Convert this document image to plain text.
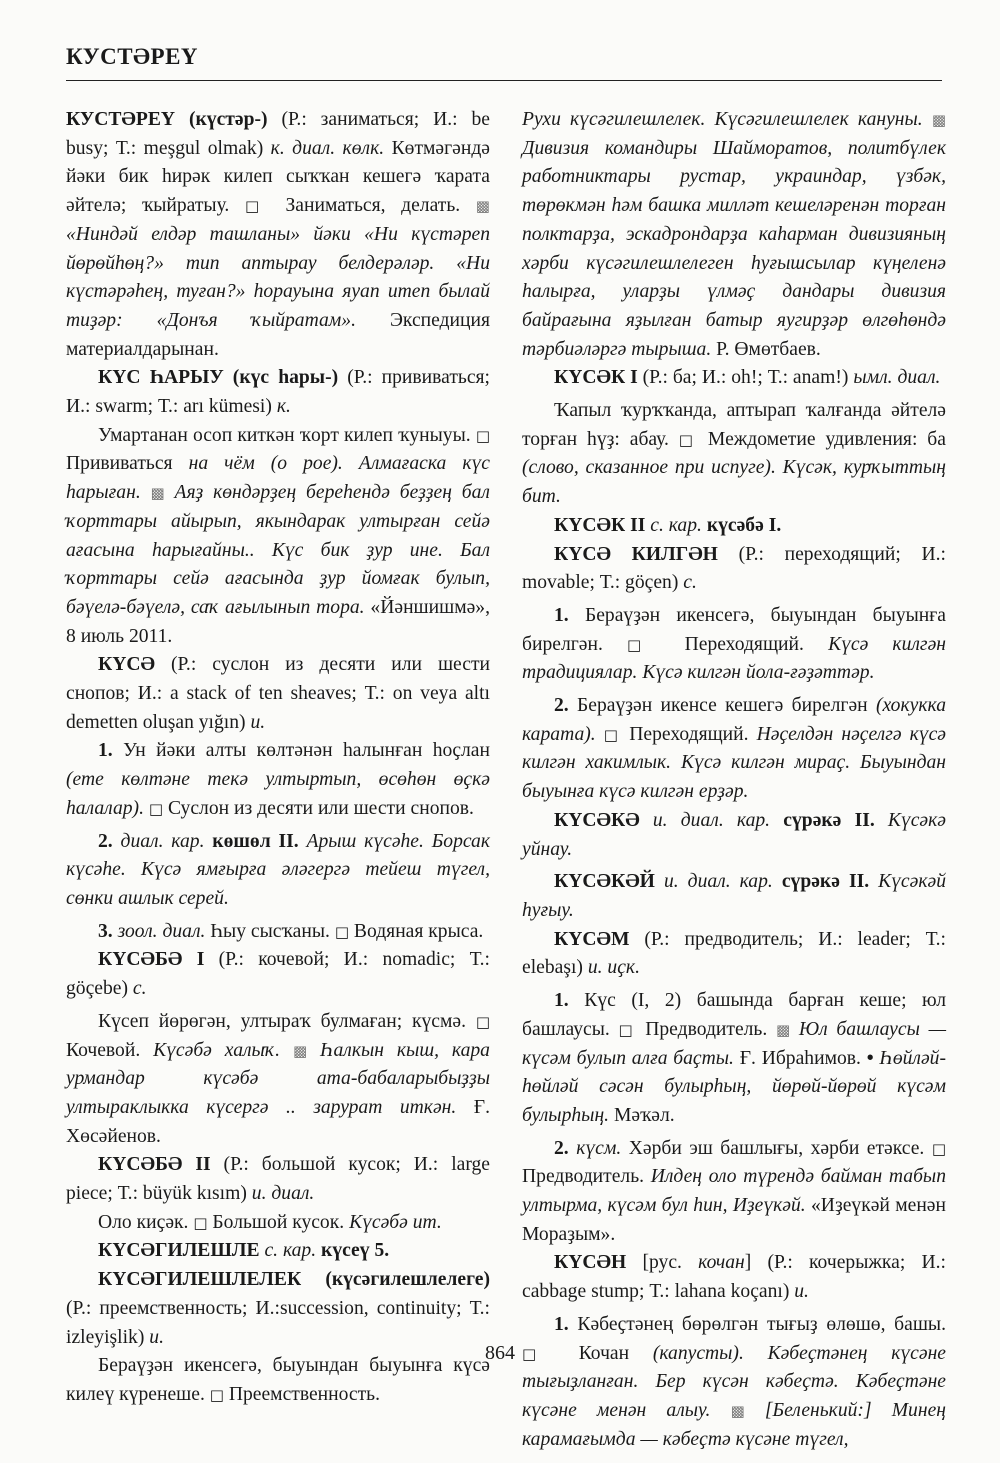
КУСТӘРЕҮ

КУСТӘРЕҮ (күстәр-) (Р.: заниматься; И.: be busy; Т.: meşgul olmak) к. диал. көлк. Көтмәгәндә йәки бик һирәк килеп сыҡҡан кешегә ҡарата әйтелә; ҡыйратыу. □ Заниматься, делать. ▩ «Ниндәй елдәр ташланы» йәки «Ни күстәреп йөрөйһөң?» тип аптырау белдерәләр. «Ни күстәрәһең, туған?» һорауына яуап итеп былай тиҙәр: «Донъя ҡыйратам». Экспедиция материалдарынан.

КҮС ҺАРЫУ (күс һары-) (Р.: прививаться; И.: swarm; Т.: arı kümesi) к.

Умартанан осоп киткән ҡорт килеп ҡуныуы. □ Прививаться на чём (о рое). Алмағаска күс һарыған. ▩ Аяҙ көндәрҙең береһендә беҙҙең бал ҡорттары айырып, якындарак ултырған сейә ағасына һарығайны.. Күс бик ҙур ине. Бал ҡорттары сейә ағасында ҙур йомғак булып, бәүелә-бәүелә, саҡ ағылынып тора. «Йәншишмә», 8 июль 2011.

КҮСӘ (Р.: суслон из десяти или шести снопов; И.: a stack of ten sheaves; Т.: on veya altı demetten oluşan yığın) и.

1. Ун йәки алты көлтәнән һалынған һоҫлан (ете көлтәне текә ултыртып, өсөһөн өҫкә һалалар). □ Суслон из десяти или шести снопов.

2. диал. кар. көшөл II. Арыш күсәһе. Борсак күсәһе. Күсә ямғырға әләгергә тейеш түгел, сөнки ашлык серей.

3. зоол. диал. Һыу сысҡаны. □ Водяная крыса.

КҮСӘБӘ I (Р.: кочевой; И.: nomadic; Т.: göçebe) с.

Күсеп йөрөгән, ултыраҡ булмаған; күсмә. □ Кочевой. Күсәбә халыҡ. ▩ Һалкын кыш, кара урмандар күсәбә ата-бабаларыбыҙҙы ултыраклыкка күсергә .. зарурат иткән. Ғ. Хөсәйенов.

КҮСӘБӘ II (Р.: большой кусок; И.: large piece; Т.: büyük kısım) и. диал.

Оло киҫәк. □ Большой кусок. Күсәбә ит.

КҮСӘГИЛЕШЛЕ с. кар. күсеү 5.

КҮСӘГИЛЕШЛЕЛЕК (күсәгилешлелеге) (Р.: преемственность; И.:succession, continuity; Т.: izleyişlik) и.

Бераүҙән икенсегә, быуындан быуынға күсә килеү күренеше. □ Преемственность.

Рухи күсәгилешлелек. Күсәгилешлелек кануны. ▩ Дивизия командиры Шайморатов, политбүлек работниктары рустар, украиндар, үзбәк, төрөкмән һәм башка милләт кешеләренән торған полктарҙа, эскадрондарҙа каһарман дивизияның хәрби күсәгилешлелеген һуғышсылар күңеленә һалырға, уларҙы үлмәҫ дандары дивизия байрағына яҙылған батыр яугирҙәр өлгөһөндә тәрбиәләргә тырыша. Р. Өмөтбаев.

КҮСӘК I (Р.: ба; И.: oh!; Т.: anam!) ымл. диал.

Ҡапыл ҡурҡҡанда, аптырап ҡалғанда әйтелә торған һүҙ: абау. □ Междометие удивления: ба (слово, сказанное при испуге). Күсәк, курҡыттың бит.

КҮСӘК II с. кар. күсәбә I.

КҮСӘ КИЛГӘН (Р.: переходящий; И.: movable; Т.: göçen) с.

1. Бераүҙән икенсегә, быуындан быуынға бирелгән. □ Переходящий. Күсә килгән традициялар. Күсә килгән йола-ғәҙәттәр.

2. Бераүҙән икенсе кешегә бирелгән (хокукка карата). □ Переходящий. Нәҫелдән нәҫелгә күсә килгән хакимлык. Күсә килгән мираҫ. Быуындан быуынға күсә килгән ерҙәр.

КҮСӘКӘ и. диал. кар. сүрәкә II. Күсәкә уйнау.

КҮСӘКӘЙ и. диал. кар. сүрәкә II. Күсәкәй һуғыу.

КҮСӘМ (Р.: предводитель; И.: leader; Т.: elebaşı) и. иҫк.

1. Күс (I, 2) башында барған кеше; юл башлаусы. □ Предводитель. ▩ Юл башлаусы — күсәм булып алға баҫты. Ғ. Ибраһимов. • Һөйләй-һөйләй сәсән булырһың, йөрөй-йөрөй күсәм булырһың. Мәҡәл.

2. күсм. Хәрби эш башлығы, хәрби етәксе. □ Предводитель. Илдең оло түрендә байман табып ултырма, күсәм бул һин, Иҙеүкәй. «Иҙеүкәй менән Мораҙым».

КҮСӘН [рус. кочан] (Р.: кочерыжка; И.: cabbage stump; Т.: lahana koçanı) и.

1. Кәбеҫтәнең бөрөлгән тығыҙ өлөшө, башы. □ Кочан (капусты). Кәбеҫтәнең күсәне тығыҙланған. Бер күсән кәбеҫтә. Кәбеҫтәне күсәне менән алыу. ▩ [Беленький:] Минең карамағымда — кәбеҫтә күсәне түгел,

864
